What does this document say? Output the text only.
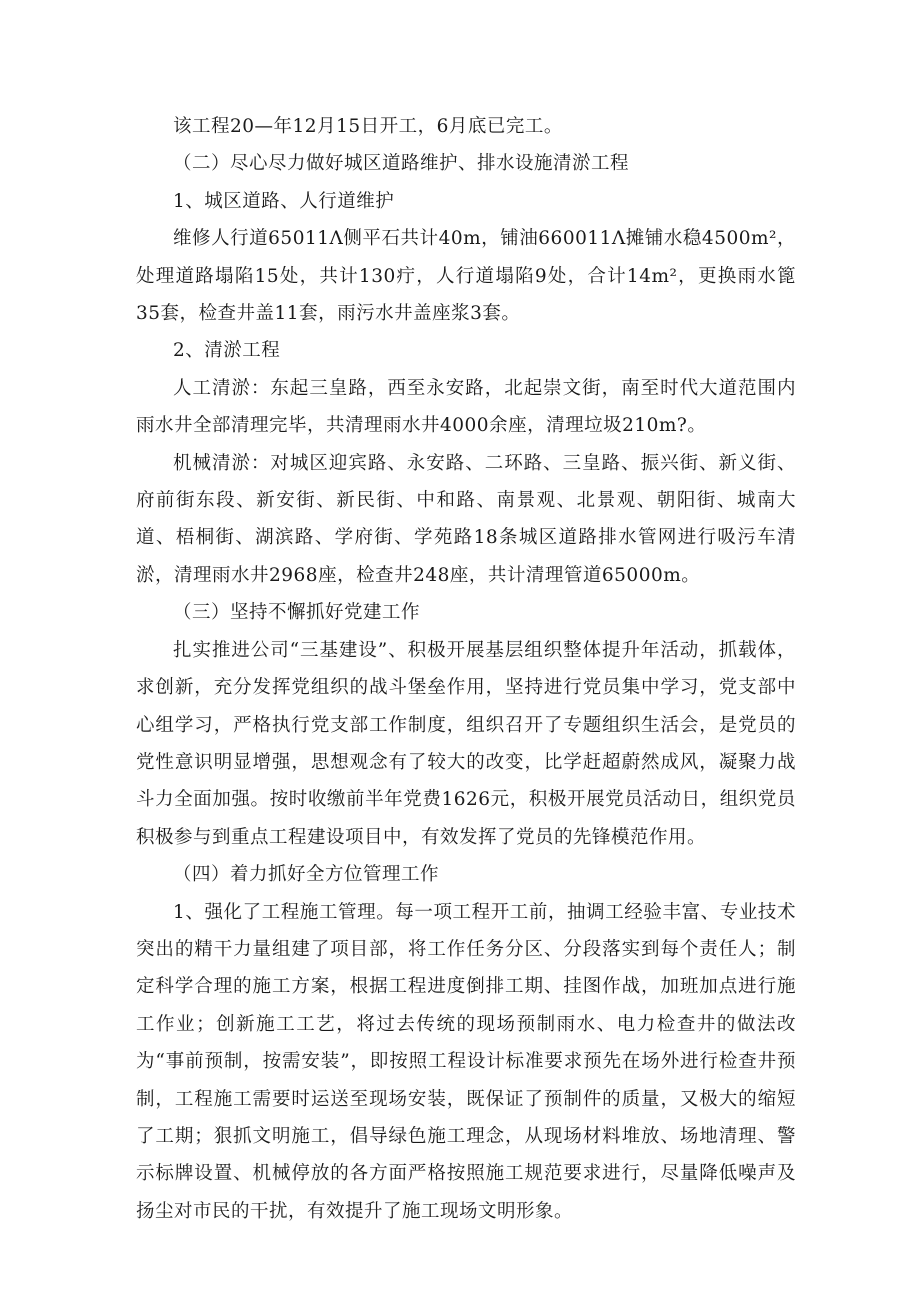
该工程20—年12月15日开工，6月底已完工。

（二）尽心尽力做好城区道路维护、排水设施清淤工程

1、城区道路、人行道维护

维修人行道65011Λ侧平石共计40m，铺油660011Λ摊铺水稳4500m²，处理道路塌陷15处，共计130疔，人行道塌陷9处，合计14m²，更换雨水篦35套，检查井盖11套，雨污水井盖座浆3套。

2、清淤工程

人工清淤：东起三皇路，西至永安路，北起崇文街，南至时代大道范围内雨水井全部清理完毕，共清理雨水井4000余座，清理垃圾210m?。

机械清淤：对城区迎宾路、永安路、二环路、三皇路、振兴街、新义街、府前街东段、新安街、新民街、中和路、南景观、北景观、朝阳街、城南大道、梧桐街、湖滨路、学府街、学苑路18条城区道路排水管网进行吸污车清淤，清理雨水井2968座，检查井248座，共计清理管道65000m。

（三）坚持不懈抓好党建工作

扎实推进公司“三基建设”、积极开展基层组织整体提升年活动，抓载体，求创新，充分发挥党组织的战斗堡垒作用，坚持进行党员集中学习，党支部中心组学习，严格执行党支部工作制度，组织召开了专题组织生活会，是党员的党性意识明显增强，思想观念有了较大的改变，比学赶超蔚然成风，凝聚力战斗力全面加强。按时收缴前半年党费1626元，积极开展党员活动日，组织党员积极参与到重点工程建设项目中，有效发挥了党员的先锋模范作用。

（四）着力抓好全方位管理工作

1、强化了工程施工管理。每一项工程开工前，抽调工经验丰富、专业技术突出的精干力量组建了项目部，将工作任务分区、分段落实到每个责任人；制定科学合理的施工方案，根据工程进度倒排工期、挂图作战，加班加点进行施工作业；创新施工工艺，将过去传统的现场预制雨水、电力检查井的做法改为“事前预制，按需安装”，即按照工程设计标准要求预先在场外进行检查井预制，工程施工需要时运送至现场安装，既保证了预制件的质量，又极大的缩短了工期；狠抓文明施工，倡导绿色施工理念，从现场材料堆放、场地清理、警示标牌设置、机械停放的各方面严格按照施工规范要求进行，尽量降低噪声及扬尘对市民的干扰，有效提升了施工现场文明形象。
